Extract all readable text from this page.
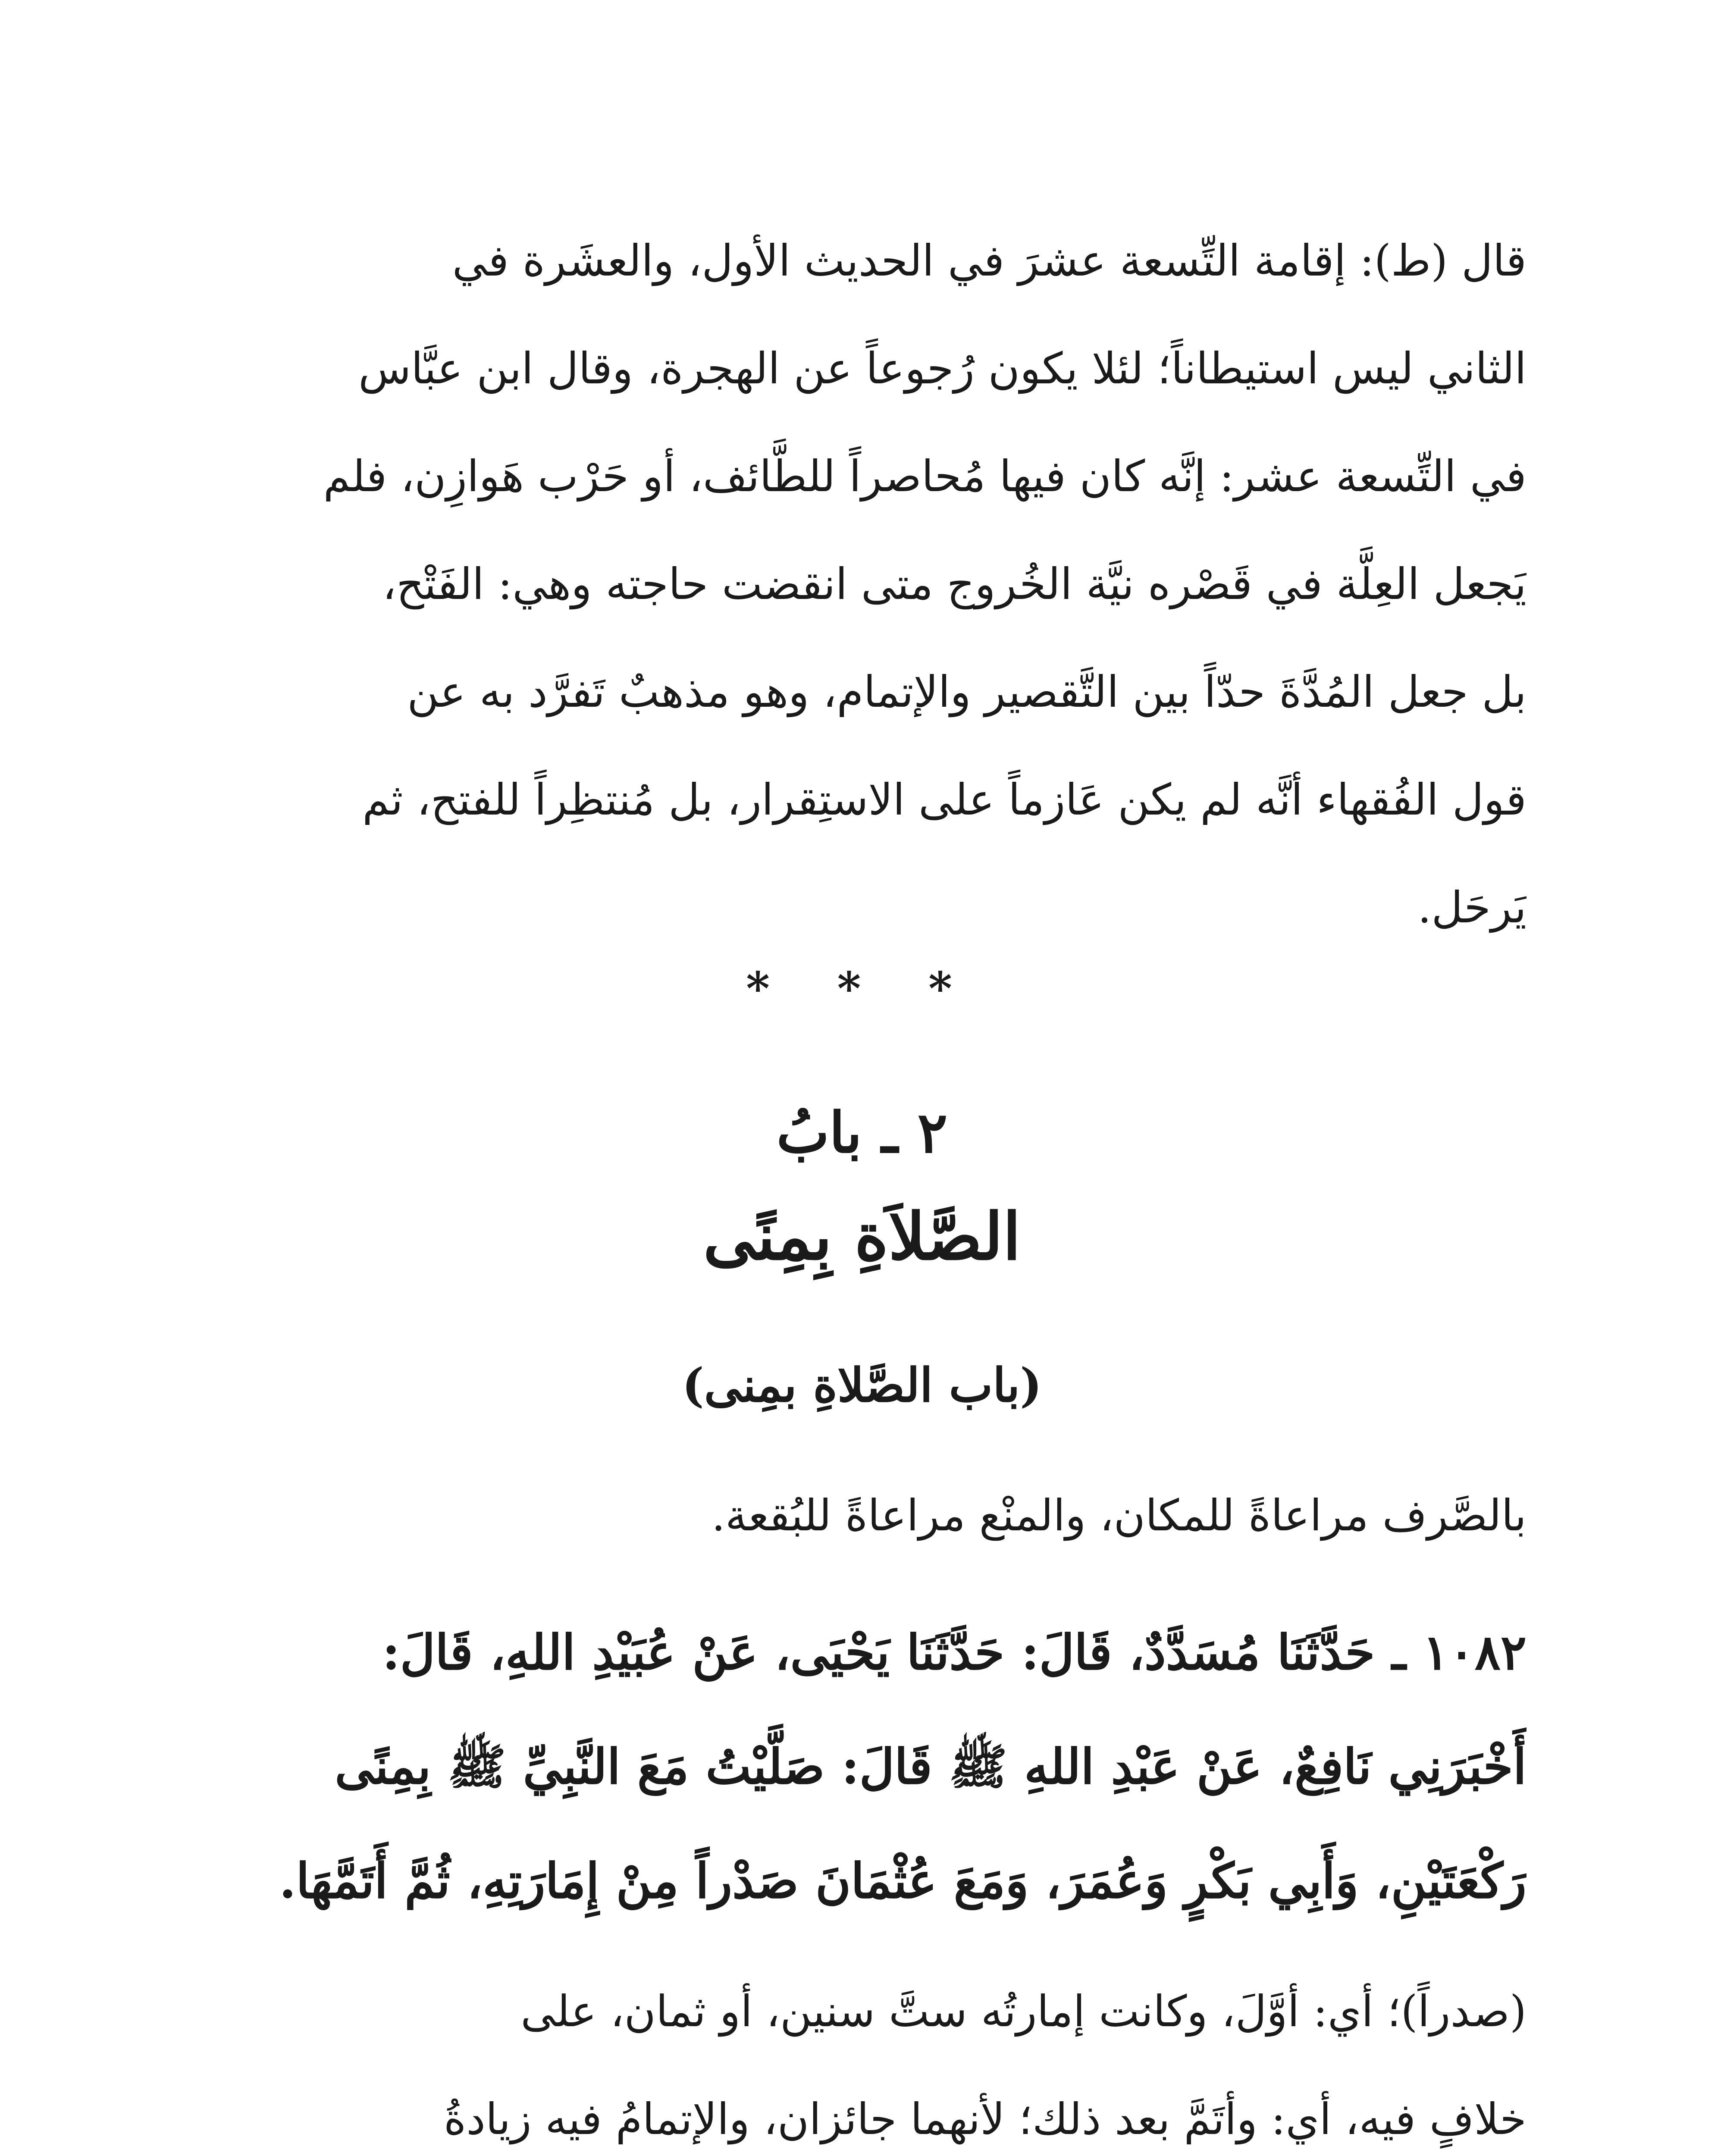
قال (ط): إقامة التِّسعة عشرَ في الحديث الأول، والعشَرة في
الثاني ليس استيطاناً؛ لئلا يكون رُجوعاً عن الهجرة، وقال ابن عبَّاس
في التِّسعة عشر: إنَّه كان فيها مُحاصراً للطَّائف، أو حَرْب هَوازِن، فلم
يَجعل العِلَّة في قَصْره نيَّة الخُروج متى انقضت حاجته وهي: الفَتْح،
بل جعل المُدَّةَ حدّاً بين التَّقصير والإتمام، وهو مذهبٌ تَفرَّد به عن
قول الفُقهاء أنَّه لم يكن عَازماً على الاستِقرار، بل مُنتظِراً للفتح، ثم
يَرحَل.
* * *
٢ ـ بابُ
الصَّلاَةِ بِمِنًى
(باب الصَّلاةِ بمِنى)
بالصَّرف مراعاةً للمكان، والمنْع مراعاةً للبُقعة.
١٠٨٢ ـ حَدَّثَنَا مُسَدَّدٌ، قَالَ: حَدَّثَنَا يَحْيَى، عَنْ عُبَيْدِ اللهِ، قَالَ:
أَخْبَرَنِي نَافِعٌ، عَنْ عَبْدِ اللهِ ﷺ قَالَ: صَلَّيْتُ مَعَ النَّبِيِّ ﷺ بِمِنًى
رَكْعَتَيْنِ، وَأَبِي بَكْرٍ وَعُمَرَ، وَمَعَ عُثْمَانَ صَدْراً مِنْ إِمَارَتِهِ، ثُمَّ أَتَمَّهَا.
(صدراً)؛ أي: أوَّلَ، وكانت إمارتُه ستَّ سنين، أو ثمان، على
خلافٍ فيه، أي: وأتَمَّ بعد ذلك؛ لأنهما جائزان، والإتمامُ فيه زيادةُ
